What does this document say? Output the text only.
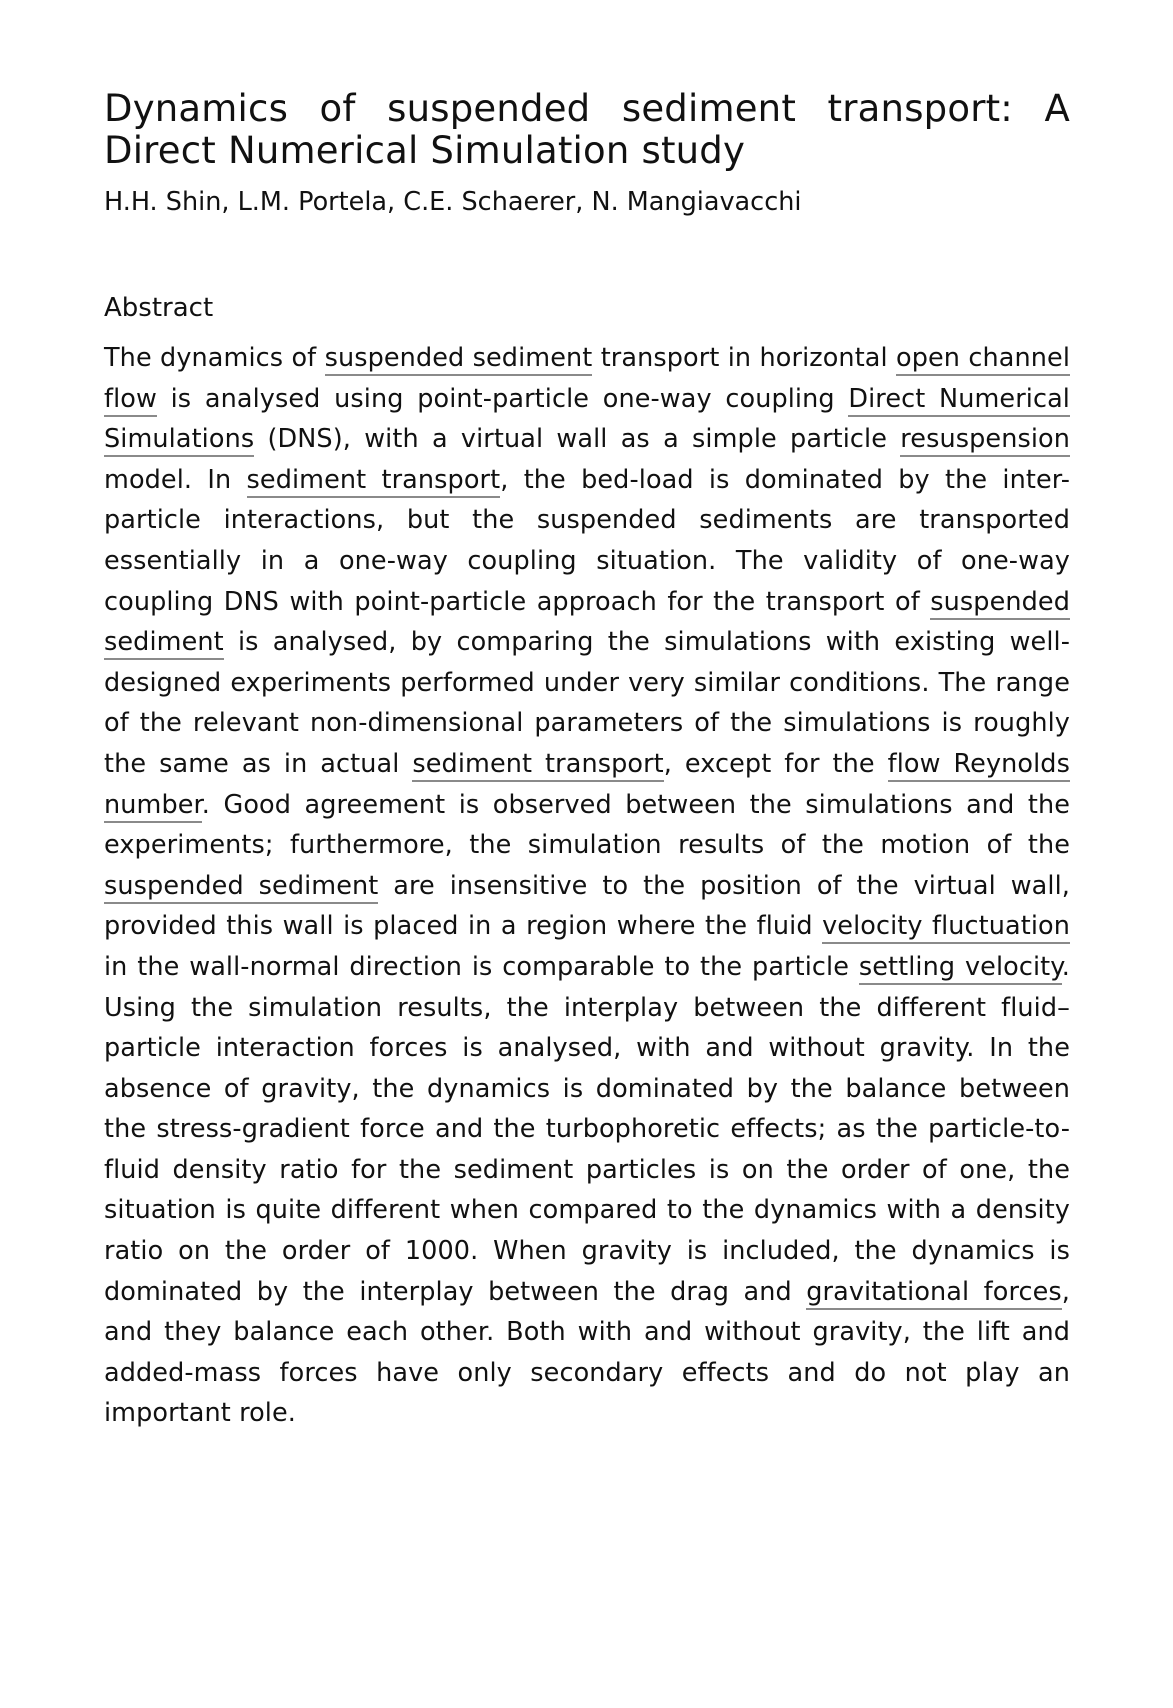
Dynamics of suspended sediment transport: A Direct Numerical Simulation study
H.H. Shin, L.M. Portela, C.E. Schaerer, N. Mangiavacchi
Abstract

The dynamics of suspended sediment transport in horizontal open channel flow is analysed using point-particle one-way coupling Direct Numerical Simulations (DNS), with a virtual wall as a simple particle resuspension model. In sediment transport, the bed-load is dominated by the inter-particle interactions, but the suspended sediments are transported essentially in a one-way coupling situation. The validity of one-way coupling DNS with point-particle approach for the transport of suspended sediment is analysed, by comparing the simulations with existing well-designed experiments performed under very similar conditions. The range of the relevant non-dimensional parameters of the simulations is roughly the same as in actual sediment transport, except for the flow Reynolds number. Good agreement is observed between the simulations and the experiments; furthermore, the simulation results of the motion of the suspended sediment are insensitive to the position of the virtual wall, provided this wall is placed in a region where the fluid velocity fluctuation in the wall-normal direction is comparable to the particle settling velocity. Using the simulation results, the interplay between the different fluid–particle interaction forces is analysed, with and without gravity. In the absence of gravity, the dynamics is dominated by the balance between the stress-gradient force and the turbophoretic effects; as the particle-to-fluid density ratio for the sediment particles is on the order of one, the situation is quite different when compared to the dynamics with a density ratio on the order of 1000. When gravity is included, the dynamics is dominated by the interplay between the drag and gravitational forces, and they balance each other. Both with and without gravity, the lift and added-mass forces have only secondary effects and do not play an important role.
